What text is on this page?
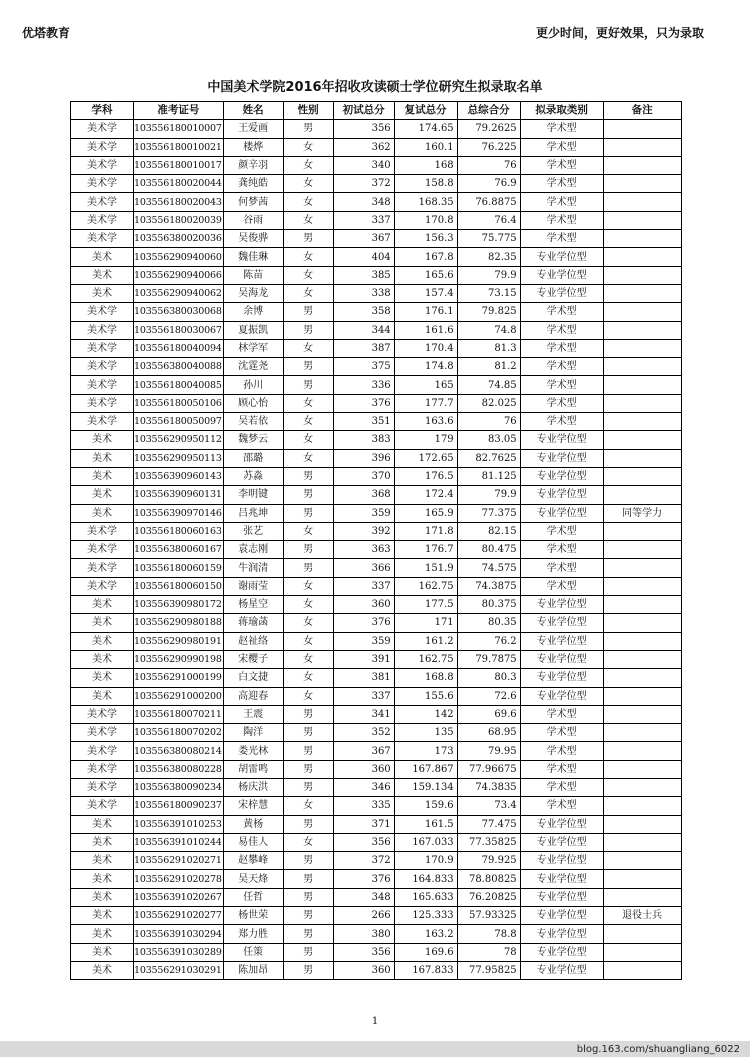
优塔教育	更少时间，更好效果，只为录取
中国美术学院2016年招收攻读硕士学位研究生拟录取名单
学科	准考证号	姓名	性别	初试总分	复试总分	总综合分	拟录取类别	备注
美术学	103556180010007	王爱画	男	356	174.65	79.2625	学术型	
美术学	103556180010021	楼烨	女	362	160.1	76.225	学术型	
美术学	103556180010017	颜辛羽	女	340	168	76	学术型	
美术学	103556180020044	龚纯皓	女	372	158.8	76.9	学术型	
美术学	103556180020043	何梦茜	女	348	168.35	76.8875	学术型	
美术学	103556180020039	谷雨	女	337	170.8	76.4	学术型	
美术学	103556380020036	吴俊骅	男	367	156.3	75.775	学术型	
美术	103556290940060	魏佳琳	女	404	167.8	82.35	专业学位型	
美术	103556290940066	陈苗	女	385	165.6	79.9	专业学位型	
美术	103556290940062	吴海龙	女	338	157.4	73.15	专业学位型	
美术学	103556380030068	余博	男	358	176.1	79.825	学术型	
美术学	103556180030067	夏振凯	男	344	161.6	74.8	学术型	
美术学	103556180040094	林学军	女	387	170.4	81.3	学术型	
美术学	103556380040088	沈霆尧	男	375	174.8	81.2	学术型	
美术学	103556180040085	孙川	男	336	165	74.85	学术型	
美术学	103556180050106	顾心怡	女	376	177.7	82.025	学术型	
美术学	103556180050097	吴若依	女	351	163.6	76	学术型	
美术	103556290950112	魏梦云	女	383	179	83.05	专业学位型	
美术	103556290950113	邵璐	女	396	172.65	82.7625	专业学位型	
美术	103556390960143	苏淼	男	370	176.5	81.125	专业学位型	
美术	103556390960131	李明键	男	368	172.4	79.9	专业学位型	
美术	103556390970146	吕兆坤	男	359	165.9	77.375	专业学位型	同等学力
美术学	103556180060163	张艺	女	392	171.8	82.15	学术型	
美术学	103556380060167	袁志刚	男	363	176.7	80.475	学术型	
美术学	103556180060159	牛润清	男	366	151.9	74.575	学术型	
美术学	103556180060150	谢雨莹	女	337	162.75	74.3875	学术型	
美术	103556390980172	杨星空	女	360	177.5	80.375	专业学位型	
美术	103556290980188	蒋瑜菡	女	376	171	80.35	专业学位型	
美术	103556290980191	赵祉络	女	359	161.2	76.2	专业学位型	
美术	103556290990198	宋樱子	女	391	162.75	79.7875	专业学位型	
美术	103556291000199	白文捷	女	381	168.8	80.3	专业学位型	
美术	103556291000200	高迎春	女	337	155.6	72.6	专业学位型	
美术学	103556180070211	王震	男	341	142	69.6	学术型	
美术学	103556180070202	陶洋	男	352	135	68.95	学术型	
美术学	103556380080214	娄光林	男	367	173	79.95	学术型	
美术学	103556380080228	胡雷鸣	男	360	167.867	77.96675	学术型	
美术学	103556380090234	杨庆洪	男	346	159.134	74.3835	学术型	
美术学	103556180090237	宋梓慧	女	335	159.6	73.4	学术型	
美术	103556391010253	黄杨	男	371	161.5	77.475	专业学位型	
美术	103556391010244	易佳人	女	356	167.033	77.35825	专业学位型	
美术	103556291020271	赵攀峰	男	372	170.9	79.925	专业学位型	
美术	103556291020278	吴天烽	男	376	164.833	78.80825	专业学位型	
美术	103556391020267	任哲	男	348	165.633	76.20825	专业学位型	
美术	103556291020277	杨世荣	男	266	125.333	57.93325	专业学位型	退役士兵
美术	103556391030294	郑力胜	男	380	163.2	78.8	专业学位型	
美术	103556391030289	任策	男	356	169.6	78	专业学位型	
美术	103556291030291	陈加昂	男	360	167.833	77.95825	专业学位型	
1
blog.163.com/shuangliang_6022
